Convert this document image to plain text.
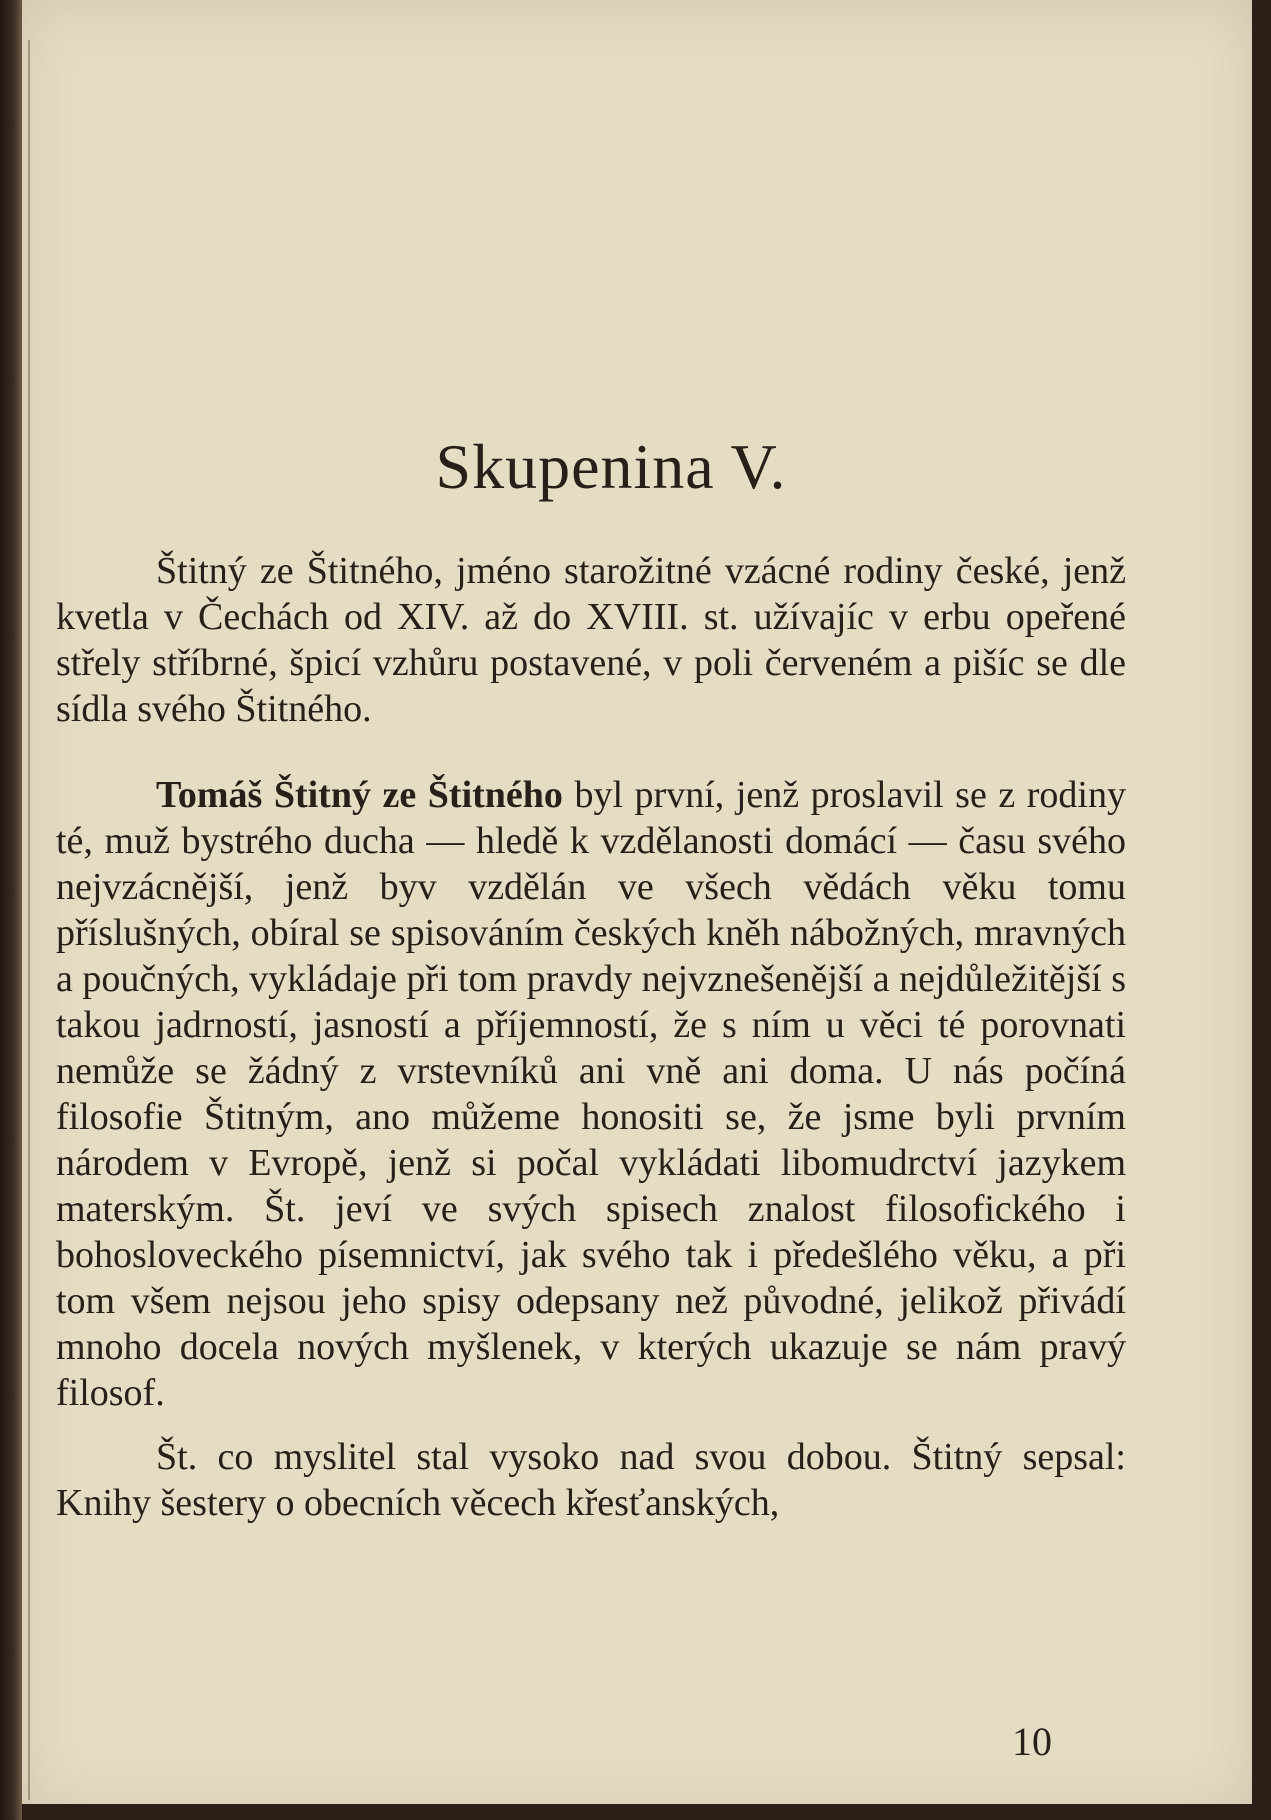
Skupenina V.

Štitný ze Štitného, jméno starožitné vzácné rodiny české, jenž kvetla v Čechách od XIV. až do XVIII. st. užívajíc v erbu opeřené střely stříbrné, špicí vzhůru postavené, v poli červeném a pišíc se dle sídla svého Štitného.

Tomáš Štitný ze Štitného byl první, jenž proslavil se z rodiny té, muž bystrého ducha — hledě k vzdělanosti domácí — času svého nejvzácnější, jenž byv vzdělán ve všech vědách věku tomu příslušných, obíral se spisováním českých kněh nábožných, mravných a poučných, vykládaje při tom pravdy nejvznešenější a nejdůležitější s takou jadrností, jasností a příjemností, že s ním u věci té porovnati nemůže se žádný z vrstevníků ani vně ani doma. U nás počíná filosofie Štitným, ano můžeme honositi se, že jsme byli prvním národem v Evropě, jenž si počal vykládati libomudrctví jazykem materským. Št. jeví ve svých spisech znalost filosofického i bohosloveckého písemnictví, jak svého tak i předešlého věku, a při tom všem nejsou jeho spisy odepsany než původné, jelikož přivádí mnoho docela nových myšlenek, v kterých ukazuje se nám pravý filosof.

Št. co myslitel stal vysoko nad svou dobou. Štitný sepsal: Knihy šestery o obecních věcech křesťanských,

10
